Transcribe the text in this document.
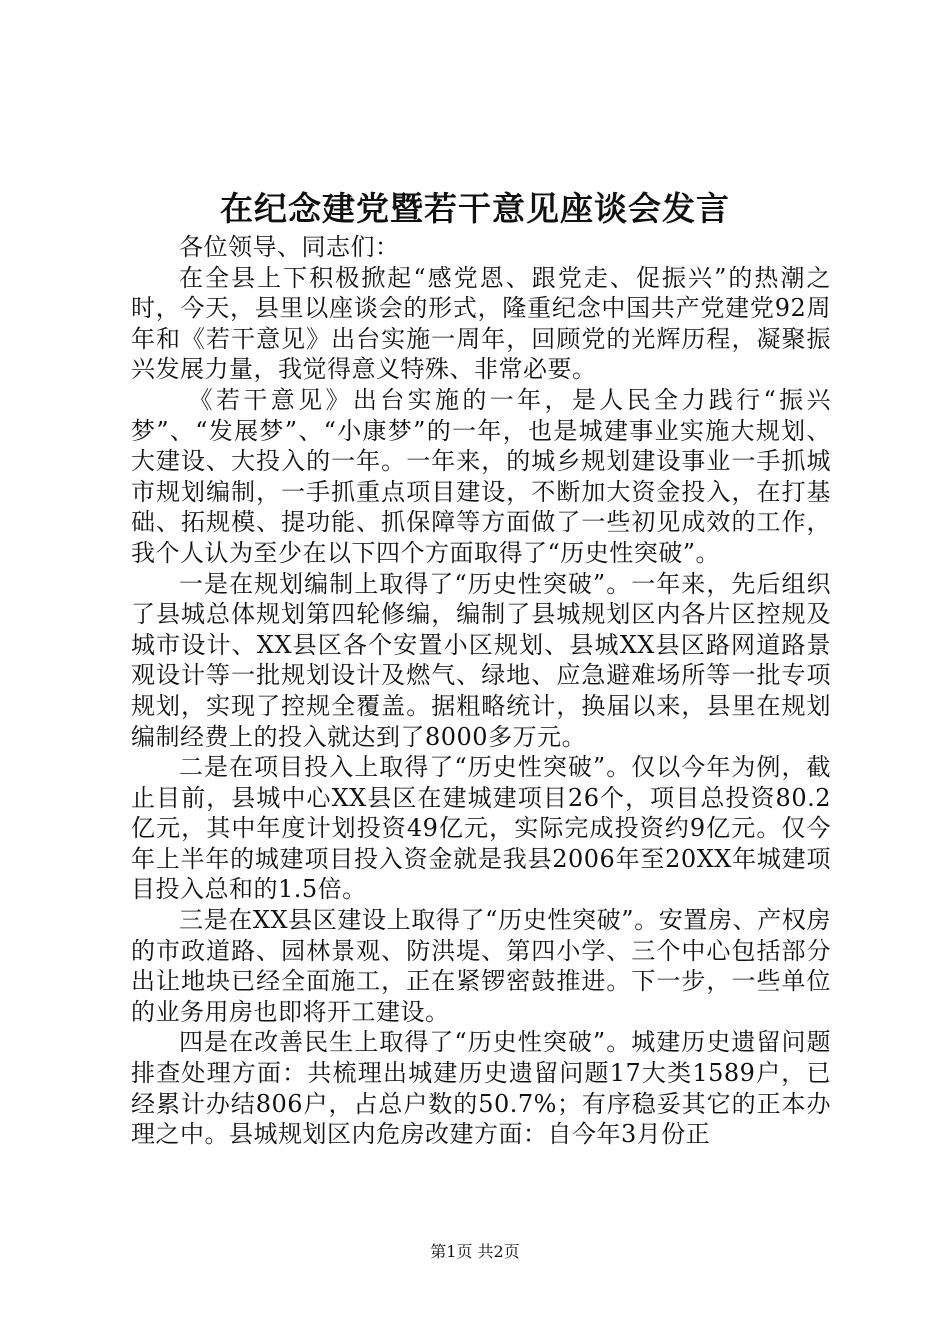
在纪念建党暨若干意见座谈会发言

各位领导、同志们：

在全县上下积极掀起“感党恩、跟党走、促振兴”的热潮之时，今天，县里以座谈会的形式，隆重纪念中国共产党建党92周年和《若干意见》出台实施一周年，回顾党的光辉历程，凝聚振兴发展力量，我觉得意义特殊、非常必要。

《若干意见》出台实施的一年，是人民全力践行“振兴梦”、“发展梦”、“小康梦”的一年，也是城建事业实施大规划、大建设、大投入的一年。一年来，的城乡规划建设事业一手抓城市规划编制，一手抓重点项目建设，不断加大资金投入，在打基础、拓规模、提功能、抓保障等方面做了一些初见成效的工作，我个人认为至少在以下四个方面取得了“历史性突破”。

一是在规划编制上取得了“历史性突破”。一年来，先后组织了县城总体规划第四轮修编，编制了县城规划区内各片区控规及城市设计、XX县区各个安置小区规划、县城XX县区路网道路景观设计等一批规划设计及燃气、绿地、应急避难场所等一批专项规划，实现了控规全覆盖。据粗略统计，换届以来，县里在规划编制经费上的投入就达到了8000多万元。

二是在项目投入上取得了“历史性突破”。仅以今年为例，截止目前，县城中心XX县区在建城建项目26个，项目总投资80.2亿元，其中年度计划投资49亿元，实际完成投资约9亿元。仅今年上半年的城建项目投入资金就是我县2006年至20XX年城建项目投入总和的1.5倍。

三是在XX县区建设上取得了“历史性突破”。安置房、产权房的市政道路、园林景观、防洪堤、第四小学、三个中心包括部分出让地块已经全面施工，正在紧锣密鼓推进。下一步，一些单位的业务用房也即将开工建设。

四是在改善民生上取得了“历史性突破”。城建历史遗留问题排查处理方面：共梳理出城建历史遗留问题17大类1589户，已经累计办结806户，占总户数的50.7%；有序稳妥其它的正本办理之中。县城规划区内危房改建方面：自今年3月份正

第1页 共2页
